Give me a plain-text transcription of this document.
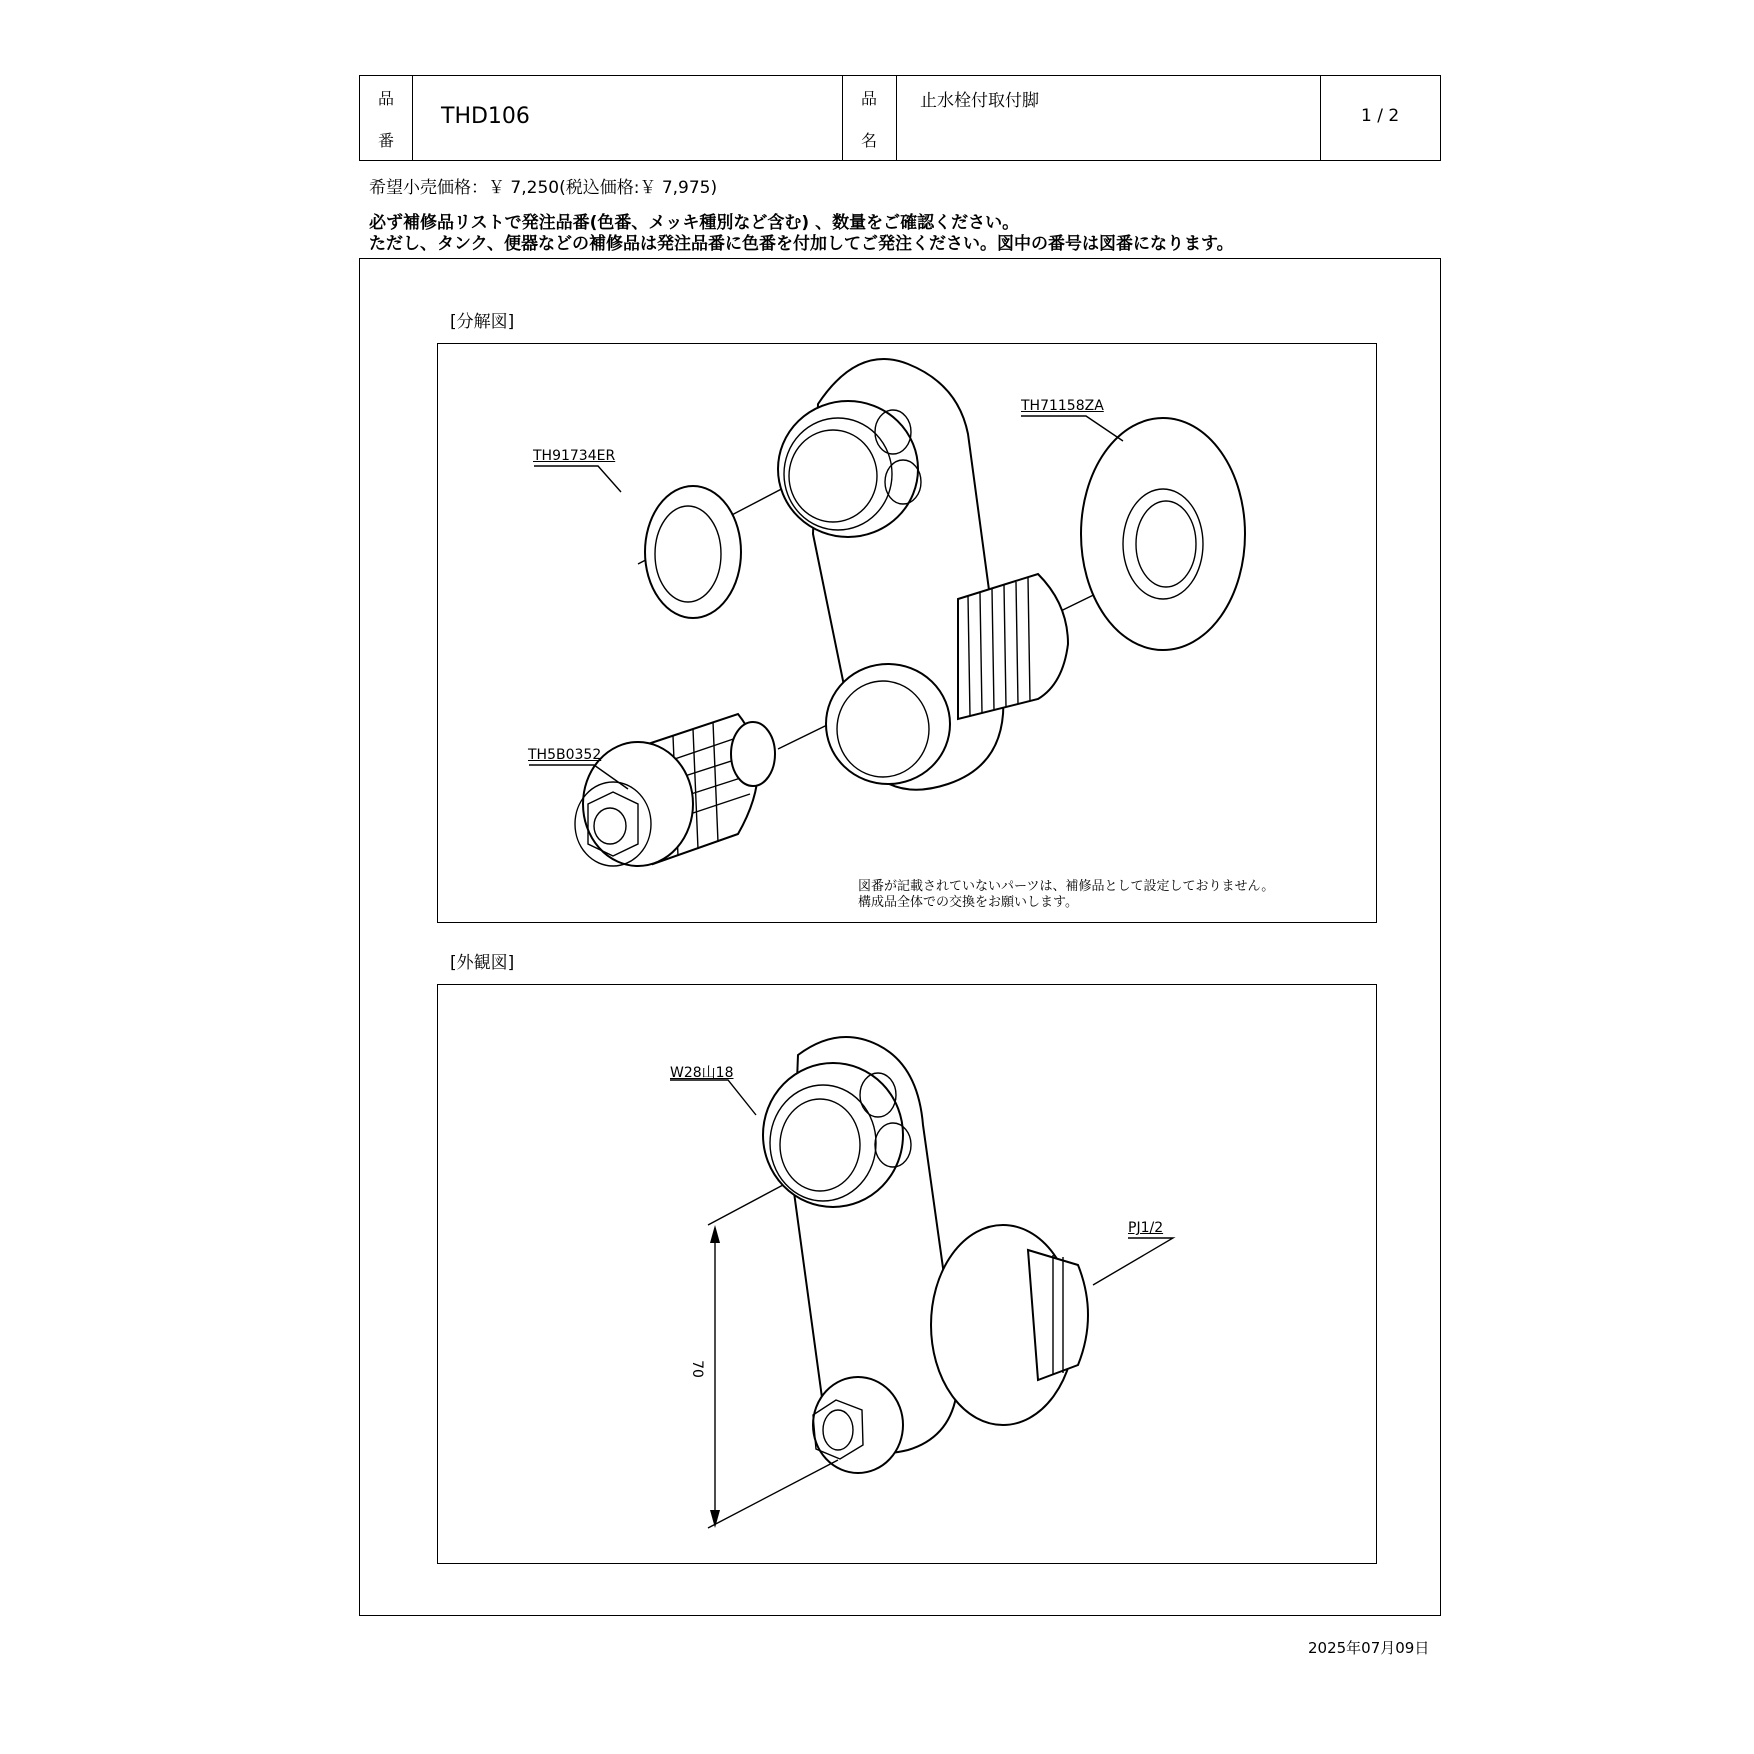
品
番
THD106
品
名
止水栓付取付脚
1 / 2
希望小売価格：￥ 7,250(税込価格:￥ 7,975)
必ず補修品リストで発注品番(色番、メッキ種別など含む) 、数量をご確認ください。
ただし、タンク、便器などの補修品は発注品番に色番を付加してご発注ください。図中の番号は図番になります。
[分解図]
TH91734ER
TH71158ZA
TH5B0352
図番が記載されていないパーツは、補修品として設定しておりません。
構成品全体での交換をお願いします。
[外観図]
W28山18
PJ1/2
70
2025年07月09日
